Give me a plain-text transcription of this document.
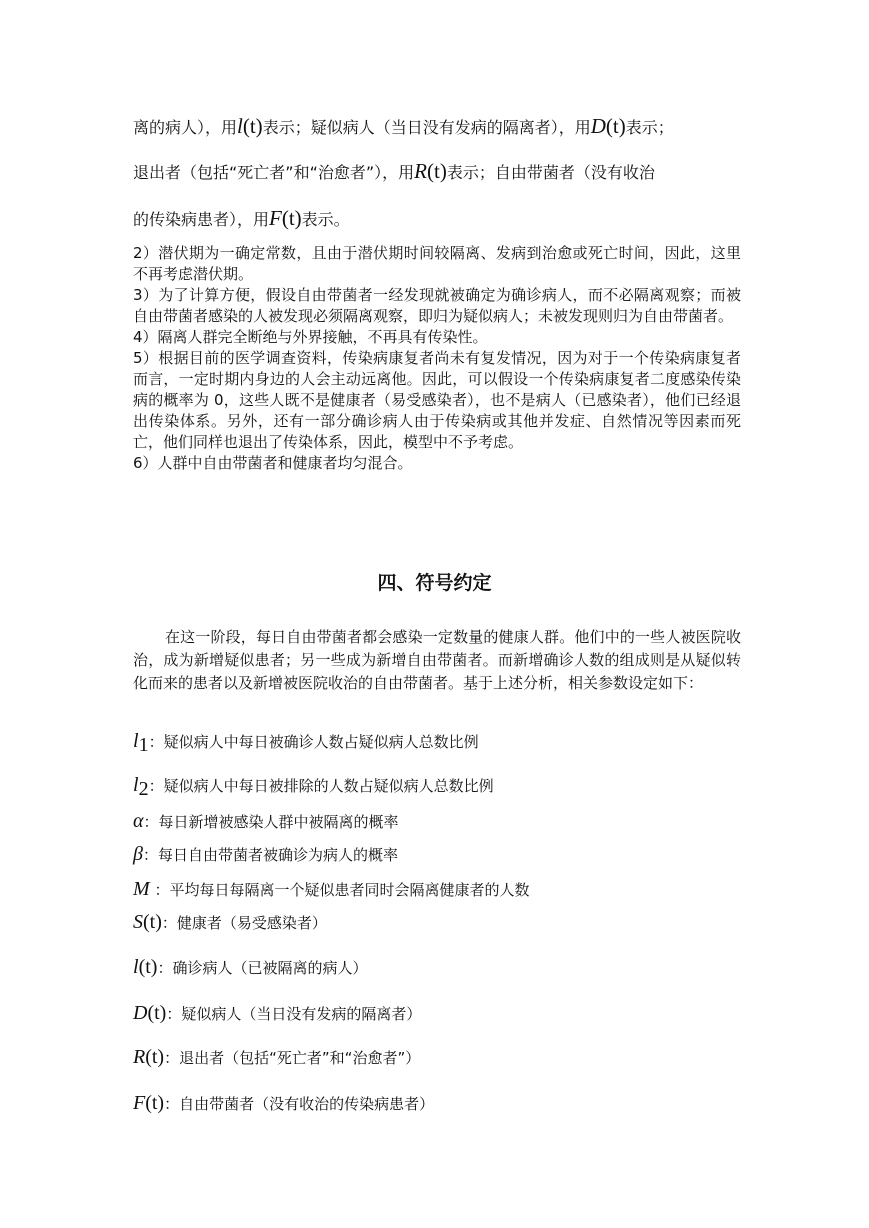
离的病人），用l(t)表示；疑似病人（当日没有发病的隔离者），用D(t)表示；
退出者（包括“死亡者”和“治愈者”），用R(t)表示；自由带菌者（没有收治
的传染病患者），用F(t)表示。

2）潜伏期为一确定常数，且由于潜伏期时间较隔离、发病到治愈或死亡时间，因此，这里不再考虑潜伏期。

3）为了计算方便，假设自由带菌者一经发现就被确定为确诊病人，而不必隔离观察；而被自由带菌者感染的人被发现必须隔离观察，即归为疑似病人；未被发现则归为自由带菌者。

4）隔离人群完全断绝与外界接触，不再具有传染性。

5）根据目前的医学调查资料，传染病康复者尚未有复发情况，因为对于一个传染病康复者而言，一定时期内身边的人会主动远离他。因此，可以假设一个传染病康复者二度感染传染病的概率为 0，这些人既不是健康者（易受感染者），也不是病人（已感染者），他们已经退出传染体系。另外，还有一部分确诊病人由于传染病或其他并发症、自然情况等因素而死亡，他们同样也退出了传染体系，因此，模型中不予考虑。

6）人群中自由带菌者和健康者均匀混合。

四、符号约定

在这一阶段，每日自由带菌者都会感染一定数量的健康人群。他们中的一些人被医院收治，成为新增疑似患者；另一些成为新增自由带菌者。而新增确诊人数的组成则是从疑似转化而来的患者以及新增被医院收治的自由带菌者。基于上述分析，相关参数设定如下：

$l_1$：疑似病人中每日被确诊人数占疑似病人总数比例
$l_2$：疑似病人中每日被排除的人数占疑似病人总数比例
α：每日新增被感染人群中被隔离的概率
β：每日自由带菌者被确诊为病人的概率
M ：平均每日每隔离一个疑似患者同时会隔离健康者的人数
S(t)：健康者（易受感染者）
l(t)：确诊病人（已被隔离的病人）
D(t)：疑似病人（当日没有发病的隔离者）
R(t)：退出者（包括“死亡者”和“治愈者”）
F(t)：自由带菌者（没有收治的传染病患者）
